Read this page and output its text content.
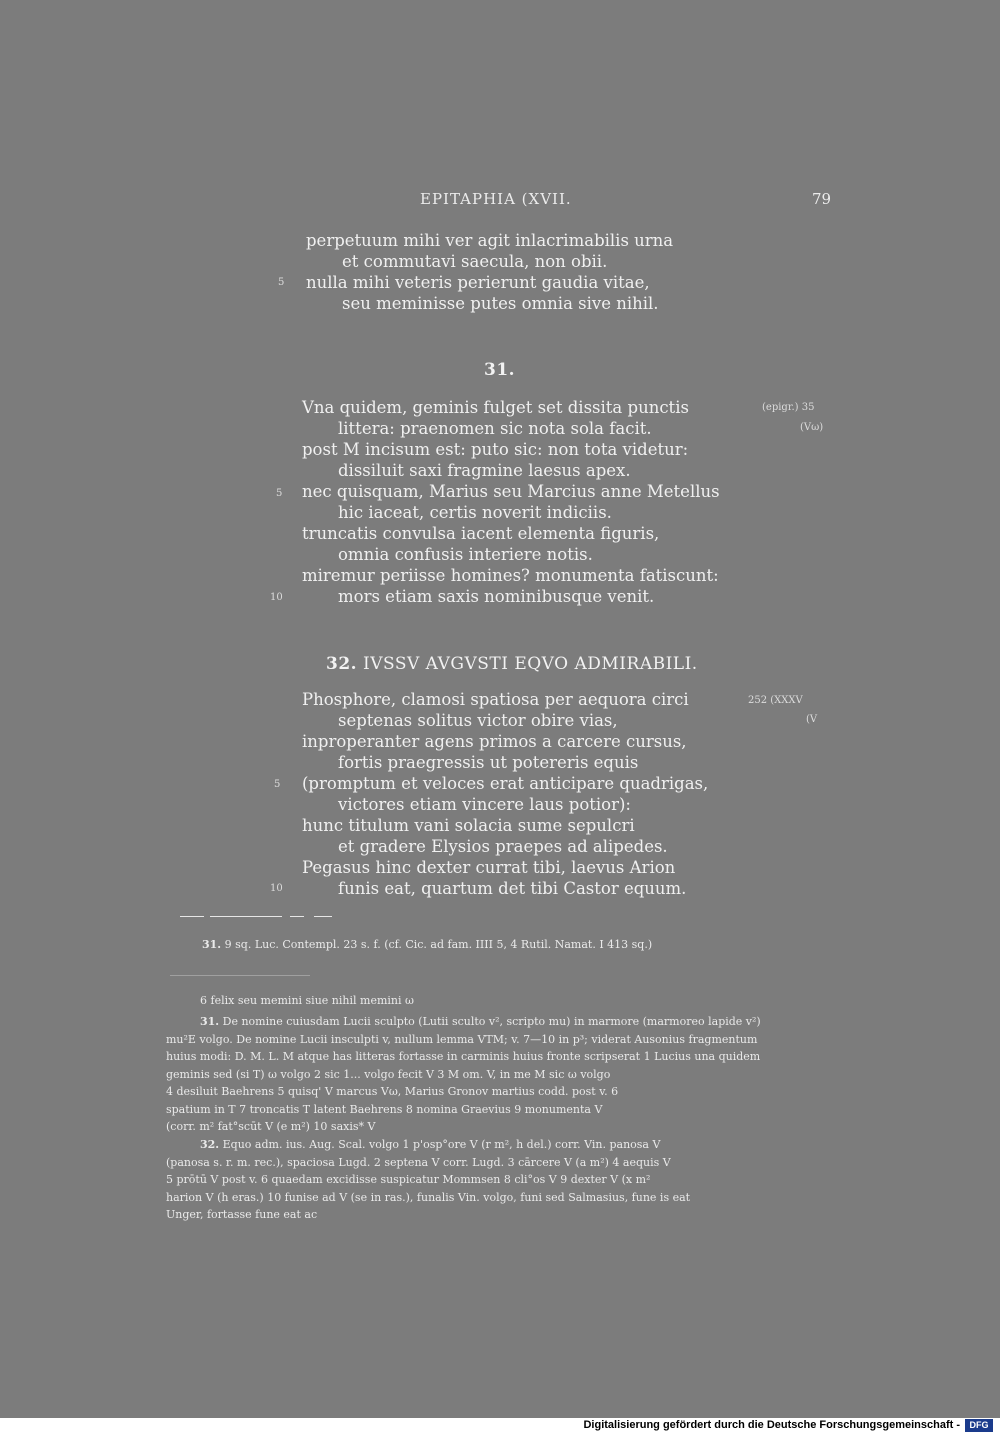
EPITAPHIA (XVII.	79
perpetuum mihi ver agit inlacrimabilis urna
et commutavi saecula, non obii.
nulla mihi veteris perierunt gaudia vitae,
seu meminisse putes omnia sive nihil.
5
31.
(epigr.) 35
(Vω)
Vna quidem, geminis fulget set dissita punctis
littera: praenomen sic nota sola facit.
post M incisum est: puto sic: non tota videtur:
dissiluit saxi fragmine laesus apex.
nec quisquam, Marius seu Marcius anne Metellus
hic iaceat, certis noverit indiciis.
truncatis convulsa iacent elementa figuris,
omnia confusis interiere notis.
miremur periisse homines? monumenta fatiscunt:
mors etiam saxis nominibusque venit.
5
10
32. IVSSV AVGVSTI EQVO ADMIRABILI.
252 (XXXV
(V
Phosphore, clamosi spatiosa per aequora circi
septenas solitus victor obire vias,
inproperanter agens primos a carcere cursus,
fortis praegressis ut potereris equis
(promptum et veloces erat anticipare quadrigas,
victores etiam vincere laus potior):
hunc titulum vani solacia sume sepulcri
et gradere Elysios praepes ad alipedes.
Pegasus hinc dexter currat tibi, laevus Arion
funis eat, quartum det tibi Castor equum.
5
10
31. 9 sq. Luc. Contempl. 23 s. f. (cf. Cic. ad fam. IIII 5, 4 Rutil. Namat. I 413 sq.)
6 felix seu memini siue nihil memini ω
31. De nomine cuiusdam Lucii sculpto (Lutii sculto v², scripto mu) in marmore (marmoreo lapide v²)
mu²E volgo. De nomine Lucii insculpti v, nullum lemma VTM; v. 7—10 in p³; viderat Ausonius fragmentum
huius modi: D. M. L. M atque has litteras fortasse in carminis huius fronte scripserat 1 Lucius una quidem
geminis sed (si T) ω volgo 2 sic 1... volgo fecit V 3 M om. V, in me M sic ω volgo
4 desiluit Baehrens 5 quisq' V marcus Vω, Marius Gronov martius codd. post v. 6
spatium in T 7 troncatis T latent Baehrens 8 nomina Graevius 9 monumenta V
(corr. m² fat°scūt V (e m²) 10 saxis* V
32. Equo adm. ius. Aug. Scal. volgo 1 p'osp°ore V (r m², h del.) corr. Vin. panosa V
(panosa s. r. m. rec.), spaciosa Lugd. 2 septena V corr. Lugd. 3 cārcere V (a m²) 4 aequis V
5 prōtū V post v. 6 quaedam excidisse suspicatur Mommsen 8 cli°os V 9 dexter V (x m²
harion V (h eras.) 10 funise ad V (se in ras.), funalis Vin. volgo, funi sed Salmasius, fune is eat
Unger, fortasse fune eat ac
Digitalisierung gefördert durch die Deutsche Forschungsgemeinschaft -	DFG
